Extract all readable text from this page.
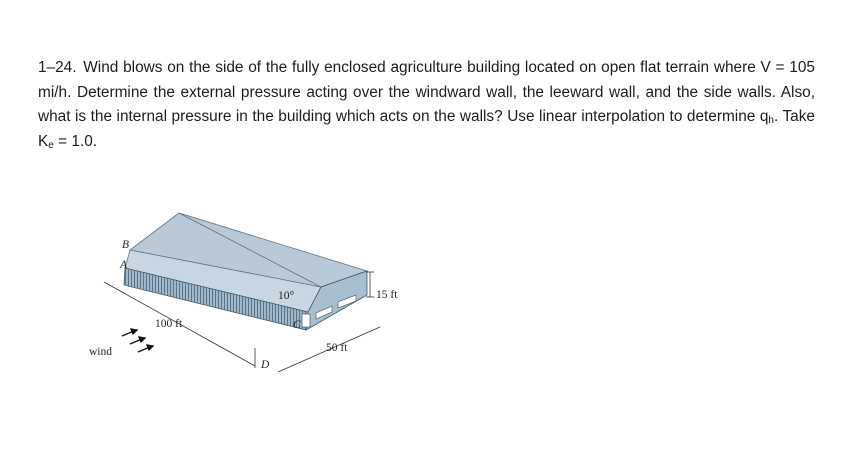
1–24. Wind blows on the side of the fully enclosed agriculture building located on open flat terrain where V = 105 mi/h. Determine the external pressure acting over the windward wall, the leeward wall, and the side walls. Also, what is the internal pressure in the building which acts on the walls? Use linear interpolation to determine $q_h$. Take $K_e = 1.0$.

B
A
C
D
10°	15 ft
100 ft
50 ft
wind
